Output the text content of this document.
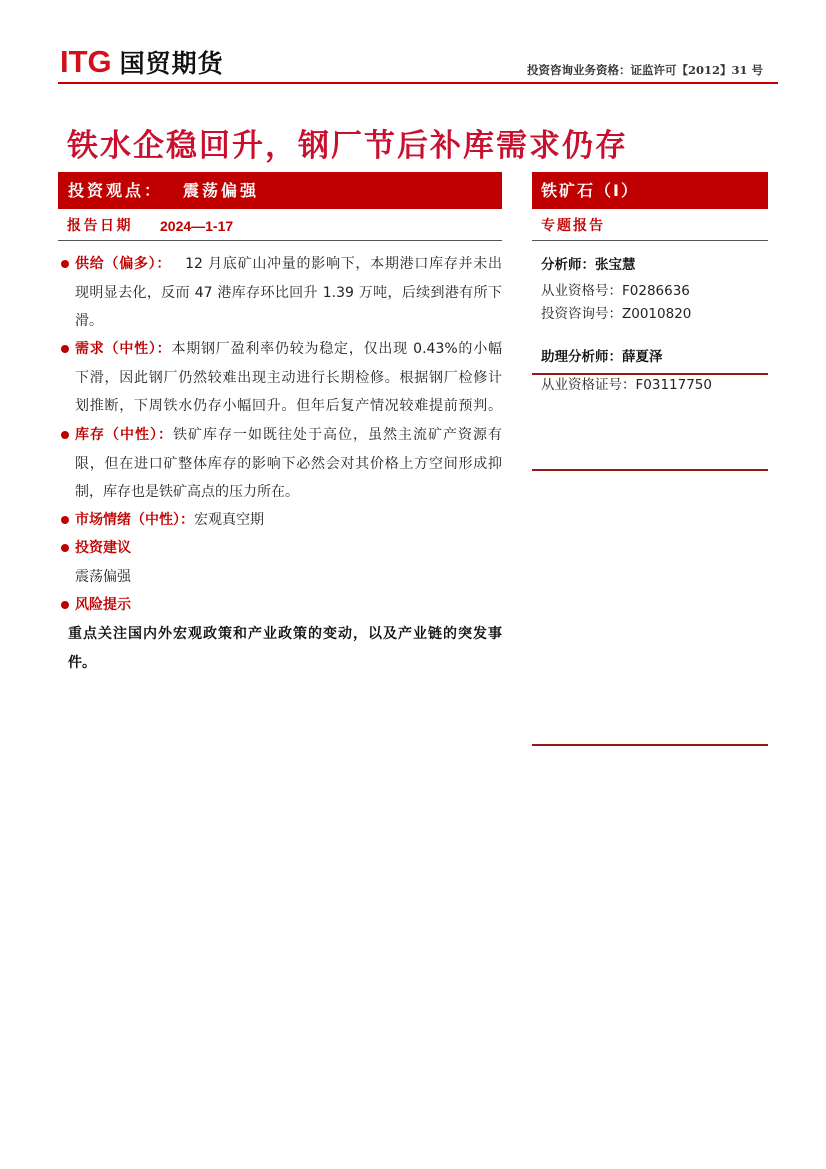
ITG 国贸期货	投资咨询业务资格：证监许可【2012】31 号
铁水企稳回升，钢厂节后补库需求仍存
投资观点： 震荡偏强
报告日期 2024—1-17
供给（偏多）： 12 月底矿山冲量的影响下，本期港口库存并未出
现明显去化，反而 47 港库存环比回升 1.39 万吨，后续到港有所下
滑。
需求（中性）：本期钢厂盈利率仍较为稳定，仅出现 0.43%的小幅
下滑，因此钢厂仍然较难出现主动进行长期检修。根据钢厂检修计
划推断，下周铁水仍存小幅回升。但年后复产情况较难提前预判。
库存（中性）：铁矿库存一如既往处于高位，虽然主流矿产资源有
限，但在进口矿整体库存的影响下必然会对其价格上方空间形成抑
制，库存也是铁矿高点的压力所在。
市场情绪（中性）：宏观真空期
投资建议
震荡偏强
风险提示
重点关注国内外宏观政策和产业政策的变动，以及产业链的突发事
件。
铁矿石（I）
专题报告
分析师：张宝慧
从业资格号：F0286636
投资咨询号：Z0010820
助理分析师：薛夏泽
从业资格证号：F03117750
